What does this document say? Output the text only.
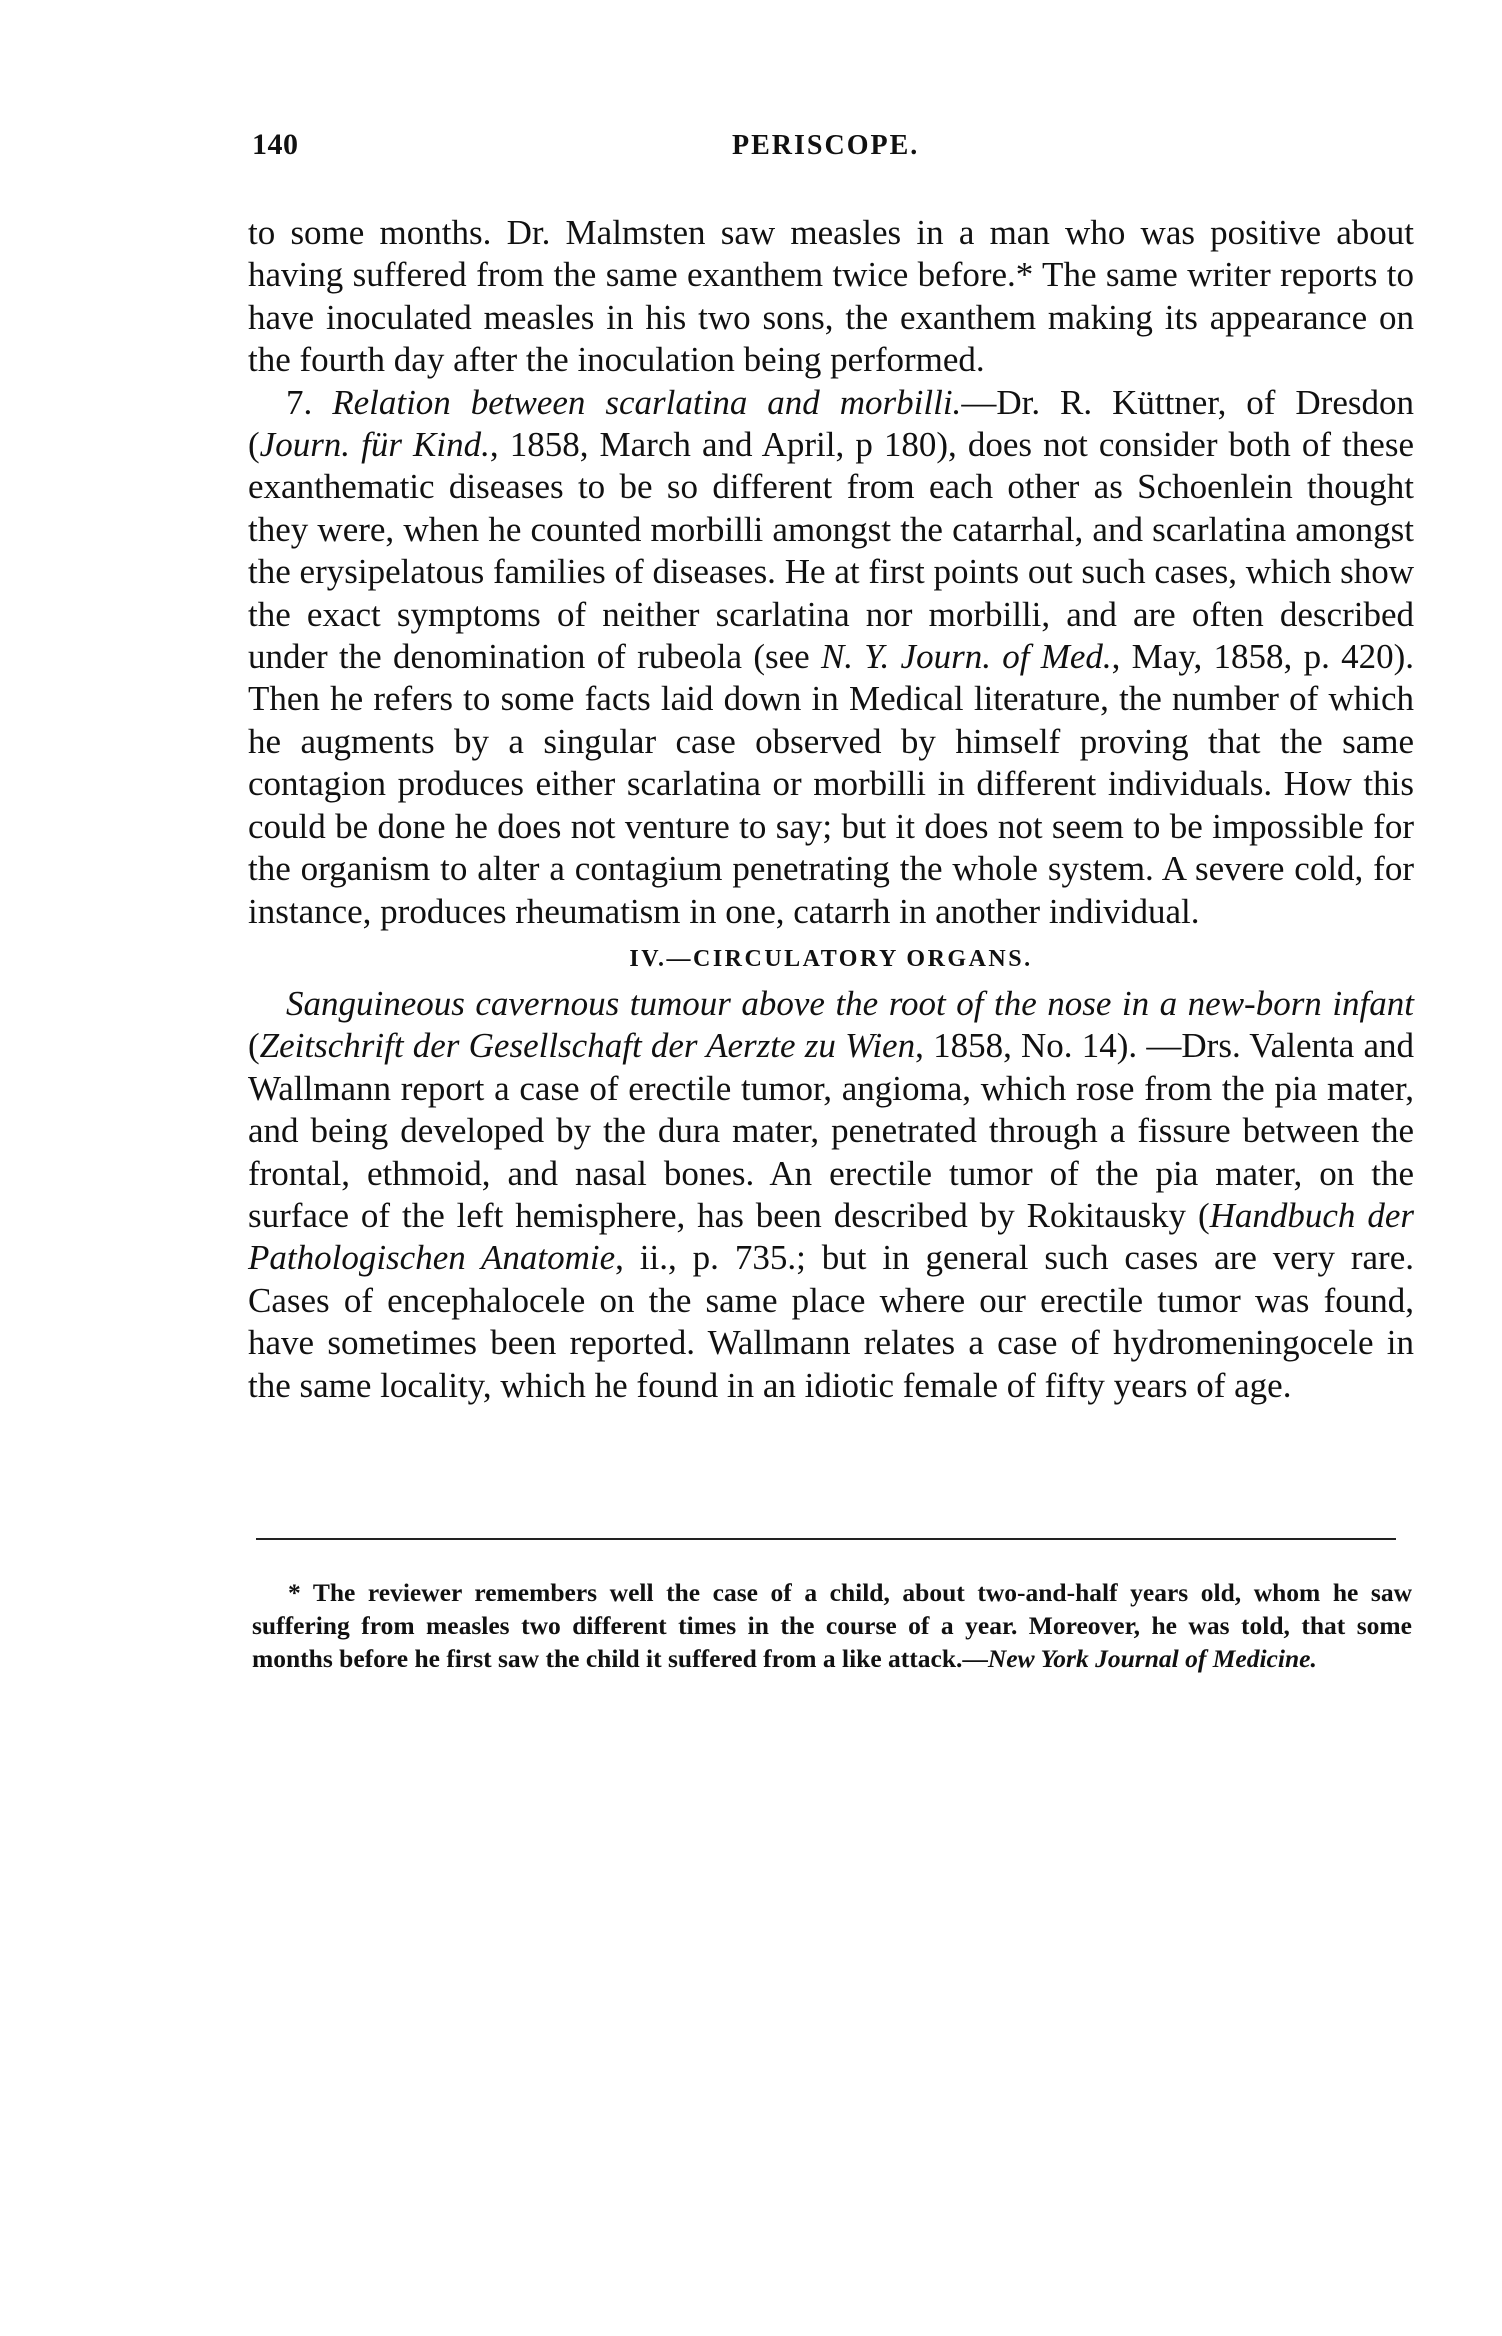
140	PERISCOPE.

to some months. Dr. Malmsten saw measles in a man who was positive about having suffered from the same exanthem twice before.* The same writer reports to have inoculated measles in his two sons, the exanthem making its appearance on the fourth day after the inoculation being performed.

7. Relation between scarlatina and morbilli.—Dr. R. Küttner, of Dresdon (Journ. für Kind., 1858, March and April, p 180), does not consider both of these exanthematic diseases to be so different from each other as Schoenlein thought they were, when he counted morbilli amongst the catarrhal, and scarlatina amongst the erysipelatous families of diseases. He at first points out such cases, which show the exact symptoms of neither scarlatina nor morbilli, and are often described under the denomination of rubeola (see N. Y. Journ. of Med., May, 1858, p. 420). Then he refers to some facts laid down in Medical literature, the number of which he augments by a singular case observed by himself proving that the same contagion produces either scarlatina or morbilli in different individuals. How this could be done he does not venture to say; but it does not seem to be impossible for the organism to alter a contagium penetrating the whole system. A severe cold, for instance, produces rheumatism in one, catarrh in another individual.

IV.—CIRCULATORY ORGANS.

Sanguineous cavernous tumour above the root of the nose in a new-born infant (Zeitschrift der Gesellschaft der Aerzte zu Wien, 1858, No. 14). —Drs. Valenta and Wallmann report a case of erectile tumor, angioma, which rose from the pia mater, and being developed by the dura mater, penetrated through a fissure between the frontal, ethmoid, and nasal bones. An erectile tumor of the pia mater, on the surface of the left hemisphere, has been described by Rokitausky (Handbuch der Pathologischen Anatomie, ii., p. 735.; but in general such cases are very rare. Cases of encephalocele on the same place where our erectile tumor was found, have sometimes been reported. Wallmann relates a case of hydromeningocele in the same locality, which he found in an idiotic female of fifty years of age.

* The reviewer remembers well the case of a child, about two-and-half years old, whom he saw suffering from measles two different times in the course of a year. Moreover, he was told, that some months before he first saw the child it suffered from a like attack.—New York Journal of Medicine.
